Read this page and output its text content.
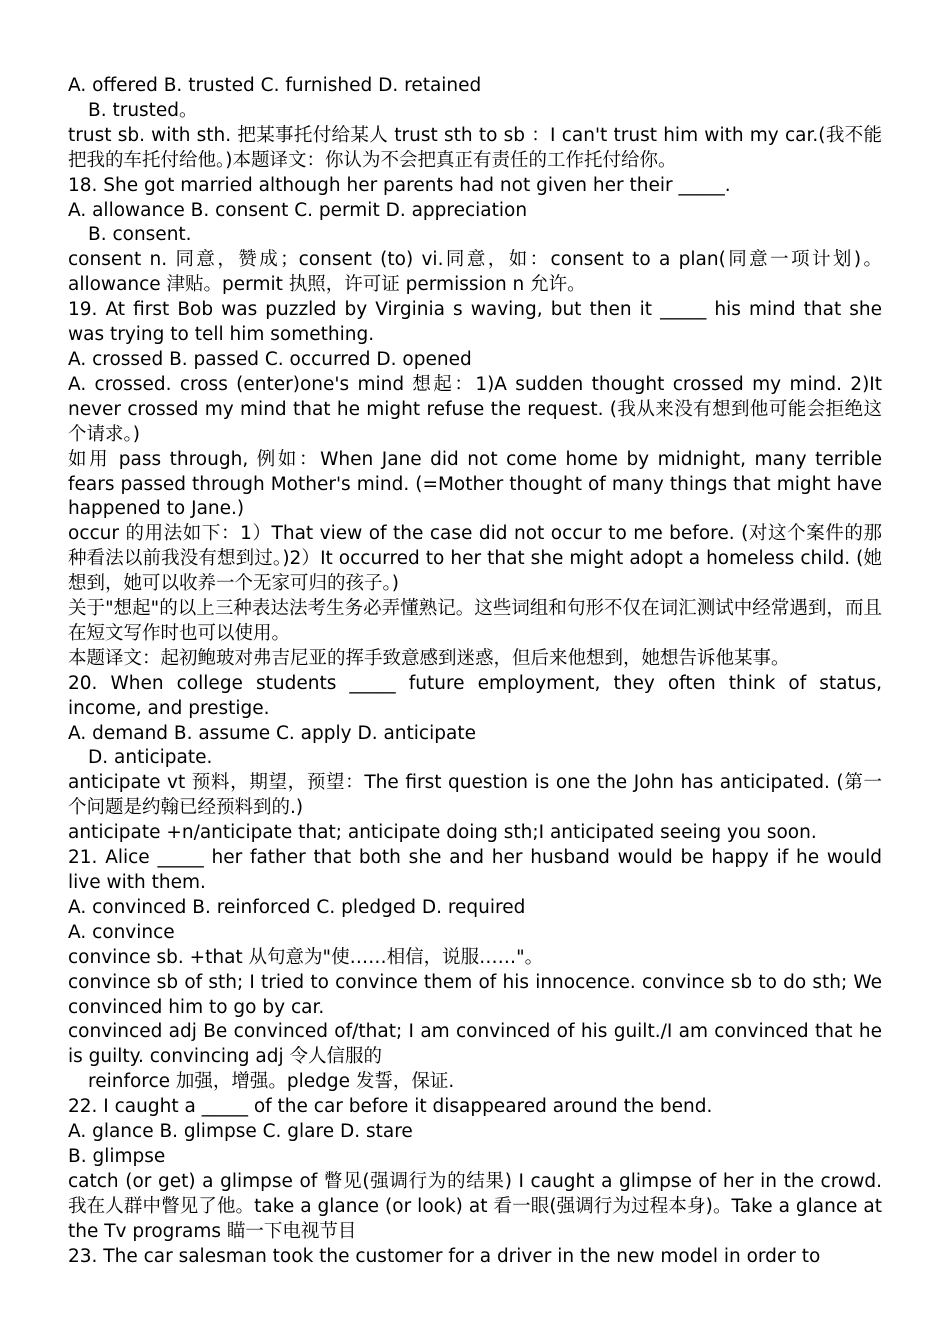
A. offered B. trusted C. furnished D. retained

B. trusted。

trust sb. with sth. 把某事托付给某人 trust sth to sb ：I can't trust him with my car.(我不能把我的车托付给他。)本题译文：你认为不会把真正有责任的工作托付给你。

18. She got married although her parents had not given her their _____.

A. allowance B. consent C. permit D. appreciation

B. consent.

consent n. 同意，赞成；consent (to) vi.同意，如：consent to a plan(同意一项计划)。allowance 津贴。permit 执照，许可证 permission n 允许。

19. At first Bob was puzzled by Virginia s waving, but then it _____ his mind that she was trying to tell him something.

A. crossed B. passed C. occurred D. opened

A. crossed. cross (enter)one's mind 想起：1)A sudden thought crossed my mind. 2)It never crossed my mind that he might refuse the request. (我从来没有想到他可能会拒绝这个请求。)

如用 pass through, 例如：When Jane did not come home by midnight, many terrible fears passed through Mother's mind. (=Mother thought of many things that might have happened to Jane.)

occur 的用法如下：1）That view of the case did not occur to me before. (对这个案件的那种看法以前我没有想到过。)2）It occurred to her that she might adopt a homeless child. (她想到，她可以收养一个无家可归的孩子。)

关于"想起"的以上三种表达法考生务必弄懂熟记。这些词组和句形不仅在词汇测试中经常遇到，而且在短文写作时也可以使用。

本题译文：起初鲍玻对弗吉尼亚的挥手致意感到迷惑，但后来他想到，她想告诉他某事。

20. When college students _____ future employment, they often think of status, income, and prestige.

A. demand B. assume C. apply D. anticipate

D. anticipate.

anticipate vt 预料，期望，预望：The first question is one the John has anticipated. (第一个问题是约翰已经预料到的.)

anticipate +n/anticipate that; anticipate doing sth;I anticipated seeing you soon.

21. Alice _____ her father that both she and her husband would be happy if he would live with them.

A. convinced B. reinforced C. pledged D. required

A. convince

convince sb. +that 从句意为"使……相信，说服……"。

convince sb of sth; I tried to convince them of his innocence. convince sb to do sth; We convinced him to go by car.

convinced adj Be convinced of/that; I am convinced of his guilt./I am convinced that he is guilty. convincing adj 令人信服的

reinforce 加强，增强。pledge 发誓，保证.

22. I caught a _____ of the car before it disappeared around the bend.

A. glance B. glimpse C. glare D. stare

B. glimpse

catch (or get) a glimpse of 瞥见(强调行为的结果) I caught a glimpse of her in the crowd. 我在人群中瞥见了他。take a glance (or look) at 看一眼(强调行为过程本身)。Take a glance at the Tv programs 瞄一下电视节目

23. The car salesman took the customer for a driver in the new model in order to
